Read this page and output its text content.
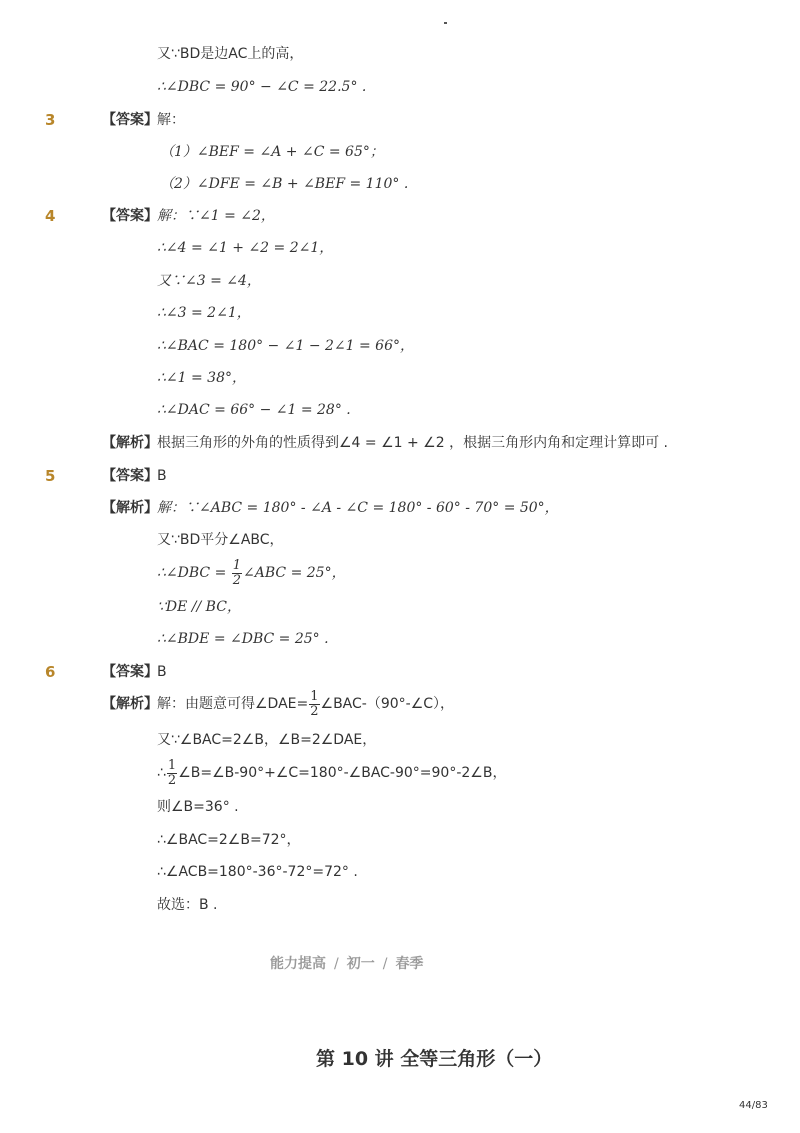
又∵BD是边AC上的高，
∴∠DBC = 90° − ∠C = 22.5° .
3	【答案】 解：
（1）∠BEF = ∠A + ∠C = 65°；
（2）∠DFE = ∠B + ∠BEF = 110° .
4	【答案】 解：∵∠1 = ∠2，
∴∠4 = ∠1 + ∠2 = 2∠1，
又∵∠3 = ∠4，
∴∠3 = 2∠1，
∴∠BAC = 180° − ∠1 − 2∠1 = 66°，
∴∠1 = 38°，
∴∠DAC = 66° − ∠1 = 28° .
【解析】 根据三角形的外角的性质得到∠4 = ∠1 + ∠2 ，根据三角形内角和定理计算即可 .
5	【答案】 B
【解析】 解：∵∠ABC = 180° - ∠A - ∠C = 180° - 60° - 70° = 50°，
又∵BD平分∠ABC，
∴∠DBC = $\frac{1}{2}$ ∠ABC = 25°，
∵DE // BC，
∴∠BDE = ∠DBC = 25° .
6	【答案】 B
【解析】 解：由题意可得∠DAE= $\frac{1}{2}$ ∠BAC-（90°-∠C），
又∵∠BAC=2∠B，∠B=2∠DAE，
∴ $\frac{1}{2}$ ∠B=∠B-90°+∠C=180°-∠BAC-90°=90°-2∠B，
则∠B=36° .
∴∠BAC=2∠B=72°，
∴∠ACB=180°-36°-72°=72° .
故选：B .
能力提高 / 初一 / 春季
第 10 讲 全等三角形（一）
44/83
